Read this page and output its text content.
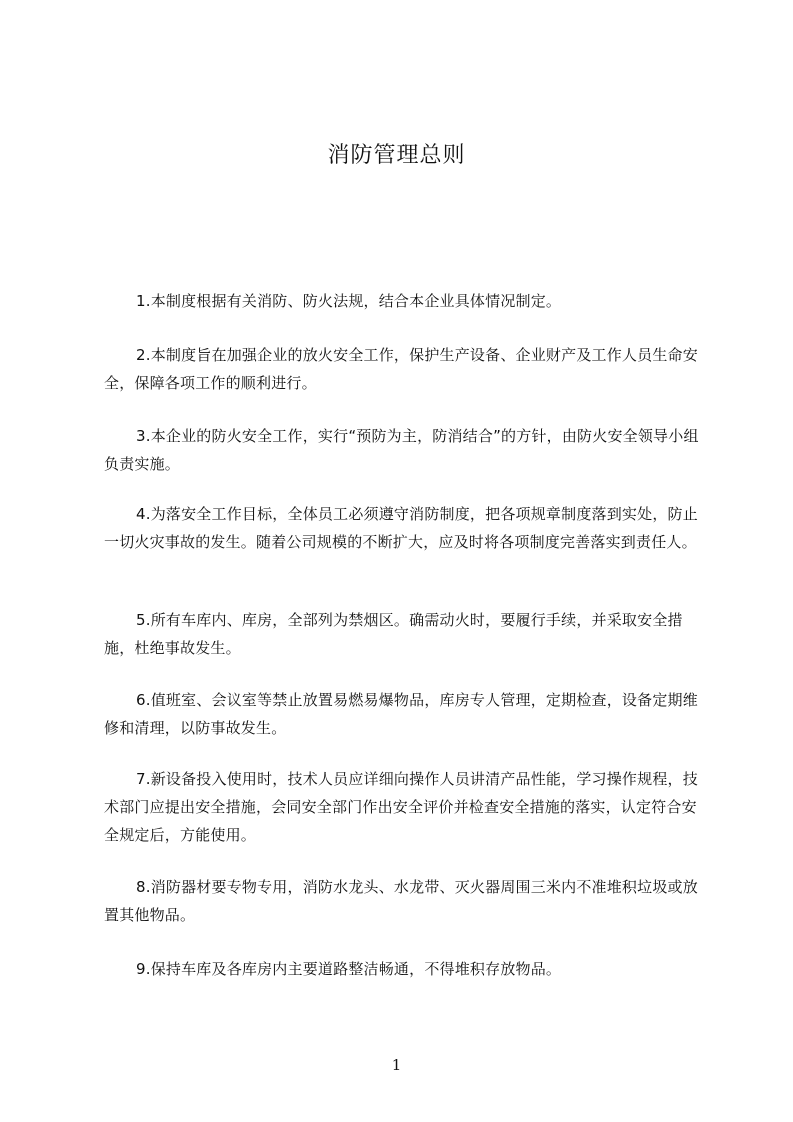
消防管理总则
1.本制度根据有关消防、防火法规，结合本企业具体情况制定。
2.本制度旨在加强企业的放火安全工作，保护生产设备、企业财产及工作人员生命安全，保障各项工作的顺利进行。
3.本企业的防火安全工作，实行“预防为主，防消结合”的方针，由防火安全领导小组负责实施。
4.为落安全工作目标，全体员工必须遵守消防制度，把各项规章制度落到实处，防止一切火灾事故的发生。随着公司规模的不断扩大，应及时将各项制度完善落实到责任人。
5.所有车库内、库房，全部列为禁烟区。确需动火时，要履行手续，并采取安全措施，杜绝事故发生。
6.值班室、会议室等禁止放置易燃易爆物品，库房专人管理，定期检查，设备定期维修和清理，以防事故发生。
7.新设备投入使用时，技术人员应详细向操作人员讲清产品性能，学习操作规程，技术部门应提出安全措施，会同安全部门作出安全评价并检查安全措施的落实，认定符合安全规定后，方能使用。
8.消防器材要专物专用，消防水龙头、水龙带、灭火器周围三米内不准堆积垃圾或放置其他物品。
9.保持车库及各库房内主要道路整洁畅通，不得堆积存放物品。
1
